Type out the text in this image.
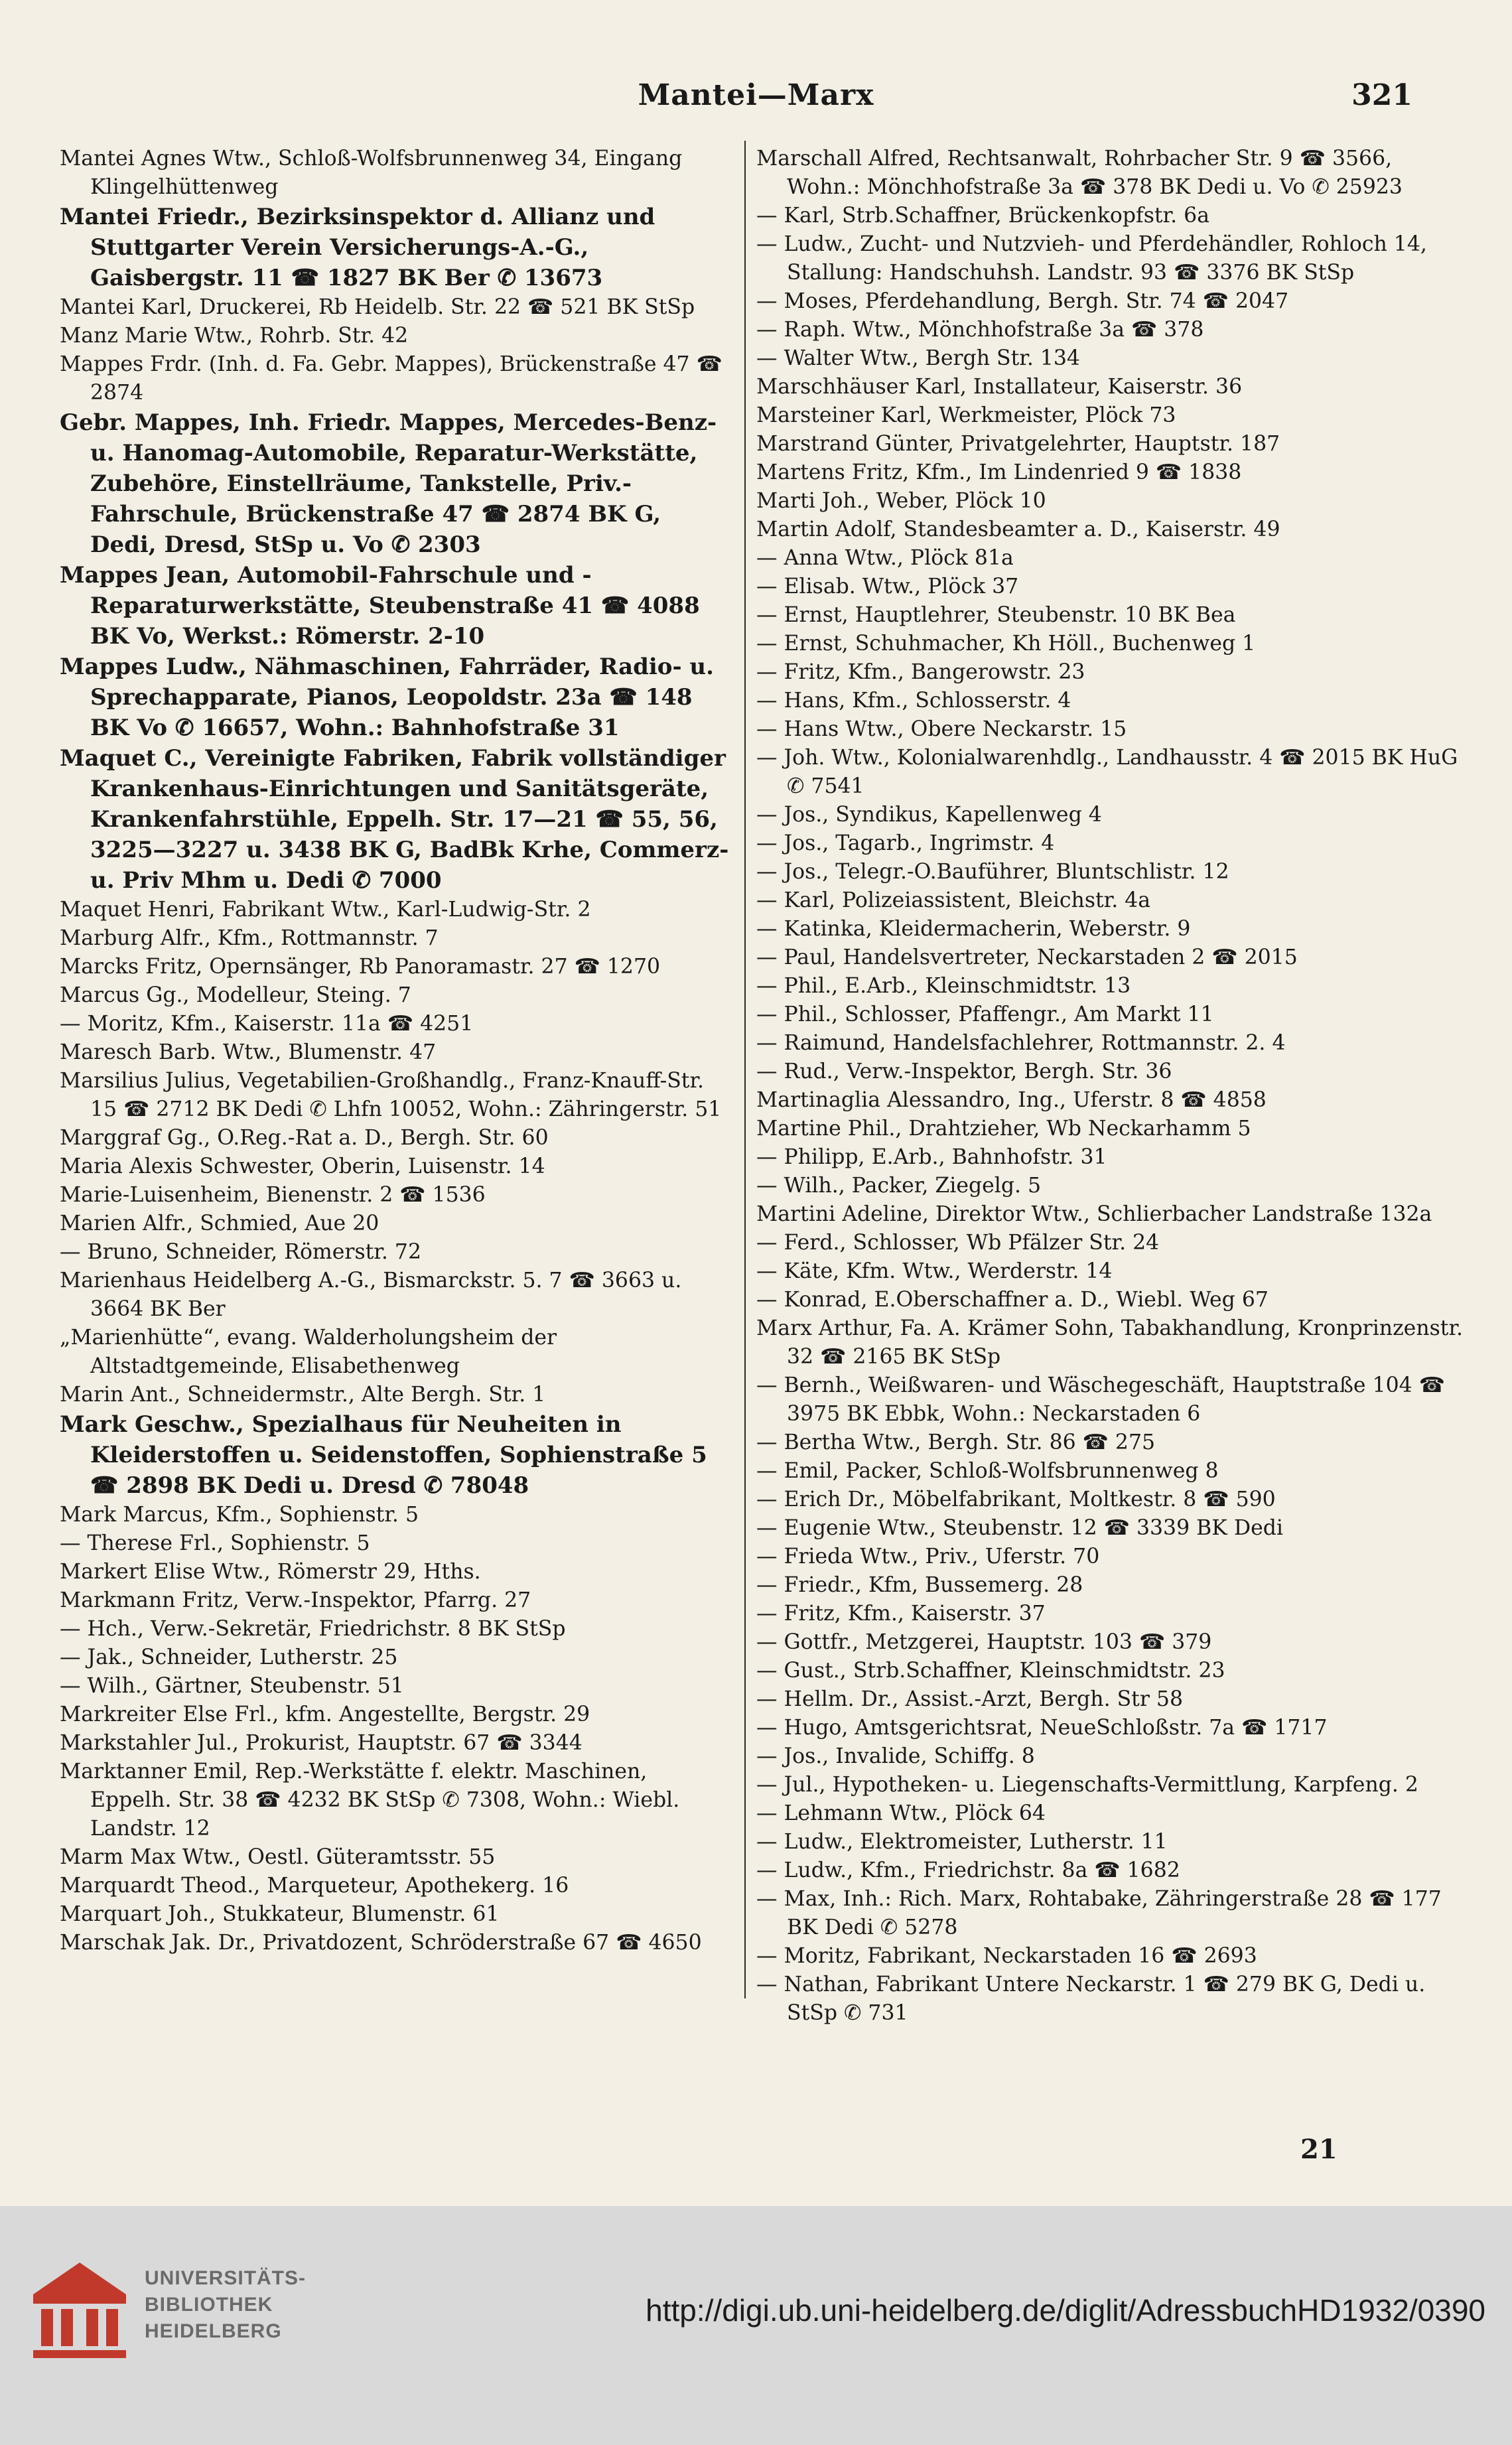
Mantei—Marx	321

Mantei Agnes Wtw., Schloß-Wolfsbrunnenweg 34, Eingang Klingelhüttenweg

Mantei Friedr., Bezirksinspektor d. Allianz und Stuttgarter Verein Versicherungs-A.-G., Gaisbergstr. 11 ☎ 1827 BK Ber ✆ 13673

Mantei Karl, Druckerei, Rb Heidelb. Str. 22 ☎ 521 BK StSp

Manz Marie Wtw., Rohrb. Str. 42

Mappes Frdr. (Inh. d. Fa. Gebr. Mappes), Brückenstraße 47 ☎ 2874

Gebr. Mappes, Inh. Friedr. Mappes, Mercedes-Benz- u. Hanomag-Automobile, Reparatur-Werkstätte, Zubehöre, Einstellräume, Tankstelle, Priv.-Fahrschule, Brückenstraße 47 ☎ 2874 BK G, Dedi, Dresd, StSp u. Vo ✆ 2303

Mappes Jean, Automobil-Fahrschule und -Reparaturwerkstätte, Steubenstraße 41 ☎ 4088 BK Vo, Werkst.: Römerstr. 2-10

Mappes Ludw., Nähmaschinen, Fahrräder, Radio- u. Sprechapparate, Pianos, Leopoldstr. 23a ☎ 148 BK Vo ✆ 16657, Wohn.: Bahnhofstraße 31

Maquet C., Vereinigte Fabriken, Fabrik vollständiger Krankenhaus-Einrichtungen und Sanitätsgeräte, Krankenfahrstühle, Eppelh. Str. 17—21 ☎ 55, 56, 3225—3227 u. 3438 BK G, BadBk Krhe, Commerz- u. Priv Mhm u. Dedi ✆ 7000

Maquet Henri, Fabrikant Wtw., Karl-Ludwig-Str. 2

Marburg Alfr., Kfm., Rottmannstr. 7

Marcks Fritz, Opernsänger, Rb Panoramastr. 27 ☎ 1270

Marcus Gg., Modelleur, Steing. 7

— Moritz, Kfm., Kaiserstr. 11a ☎ 4251

Maresch Barb. Wtw., Blumenstr. 47

Marsilius Julius, Vegetabilien-Großhandlg., Franz-Knauff-Str. 15 ☎ 2712 BK Dedi ✆ Lhfn 10052, Wohn.: Zähringerstr. 51

Marggraf Gg., O.Reg.-Rat a. D., Bergh. Str. 60

Maria Alexis Schwester, Oberin, Luisenstr. 14

Marie-Luisenheim, Bienenstr. 2 ☎ 1536

Marien Alfr., Schmied, Aue 20

— Bruno, Schneider, Römerstr. 72

Marienhaus Heidelberg A.-G., Bismarckstr. 5. 7 ☎ 3663 u. 3664 BK Ber

„Marienhütte“, evang. Walderholungsheim der Altstadtgemeinde, Elisabethenweg

Marin Ant., Schneidermstr., Alte Bergh. Str. 1

Mark Geschw., Spezialhaus für Neuheiten in Kleiderstoffen u. Seidenstoffen, Sophienstraße 5 ☎ 2898 BK Dedi u. Dresd ✆ 78048

Mark Marcus, Kfm., Sophienstr. 5

— Therese Frl., Sophienstr. 5

Markert Elise Wtw., Römerstr 29, Hths.

Markmann Fritz, Verw.-Inspektor, Pfarrg. 27

— Hch., Verw.-Sekretär, Friedrichstr. 8 BK StSp

— Jak., Schneider, Lutherstr. 25

— Wilh., Gärtner, Steubenstr. 51

Markreiter Else Frl., kfm. Angestellte, Bergstr. 29

Markstahler Jul., Prokurist, Hauptstr. 67 ☎ 3344

Marktanner Emil, Rep.-Werkstätte f. elektr. Maschinen, Eppelh. Str. 38 ☎ 4232 BK StSp ✆ 7308, Wohn.: Wiebl. Landstr. 12

Marm Max Wtw., Oestl. Güteramtsstr. 55

Marquardt Theod., Marqueteur, Apothekerg. 16

Marquart Joh., Stukkateur, Blumenstr. 61

Marschak Jak. Dr., Privatdozent, Schröderstraße 67 ☎ 4650

Marschall Alfred, Rechtsanwalt, Rohrbacher Str. 9 ☎ 3566, Wohn.: Mönchhofstraße 3a ☎ 378 BK Dedi u. Vo ✆ 25923

— Karl, Strb.Schaffner, Brückenkopfstr. 6a

— Ludw., Zucht- und Nutzvieh- und Pferdehändler, Rohloch 14, Stallung: Handschuhsh. Landstr. 93 ☎ 3376 BK StSp

— Moses, Pferdehandlung, Bergh. Str. 74 ☎ 2047

— Raph. Wtw., Mönchhofstraße 3a ☎ 378

— Walter Wtw., Bergh Str. 134

Marschhäuser Karl, Installateur, Kaiserstr. 36

Marsteiner Karl, Werkmeister, Plöck 73

Marstrand Günter, Privatgelehrter, Hauptstr. 187

Martens Fritz, Kfm., Im Lindenried 9 ☎ 1838

Marti Joh., Weber, Plöck 10

Martin Adolf, Standesbeamter a. D., Kaiserstr. 49

— Anna Wtw., Plöck 81a

— Elisab. Wtw., Plöck 37

— Ernst, Hauptlehrer, Steubenstr. 10 BK Bea

— Ernst, Schuhmacher, Kh Höll., Buchenweg 1

— Fritz, Kfm., Bangerowstr. 23

— Hans, Kfm., Schlosserstr. 4

— Hans Wtw., Obere Neckarstr. 15

— Joh. Wtw., Kolonialwarenhdlg., Landhausstr. 4 ☎ 2015 BK HuG ✆ 7541

— Jos., Syndikus, Kapellenweg 4

— Jos., Tagarb., Ingrimstr. 4

— Jos., Telegr.-O.Bauführer, Bluntschlistr. 12

— Karl, Polizeiassistent, Bleichstr. 4a

— Katinka, Kleidermacherin, Weberstr. 9

— Paul, Handelsvertreter, Neckarstaden 2 ☎ 2015

— Phil., E.Arb., Kleinschmidtstr. 13

— Phil., Schlosser, Pfaffengr., Am Markt 11

— Raimund, Handelsfachlehrer, Rottmannstr. 2. 4

— Rud., Verw.-Inspektor, Bergh. Str. 36

Martinaglia Alessandro, Ing., Uferstr. 8 ☎ 4858

Martine Phil., Drahtzieher, Wb Neckarhamm 5

— Philipp, E.Arb., Bahnhofstr. 31

— Wilh., Packer, Ziegelg. 5

Martini Adeline, Direktor Wtw., Schlierbacher Landstraße 132a

— Ferd., Schlosser, Wb Pfälzer Str. 24

— Käte, Kfm. Wtw., Werderstr. 14

— Konrad, E.Oberschaffner a. D., Wiebl. Weg 67

Marx Arthur, Fa. A. Krämer Sohn, Tabakhandlung, Kronprinzenstr. 32 ☎ 2165 BK StSp

— Bernh., Weißwaren- und Wäschegeschäft, Hauptstraße 104 ☎ 3975 BK Ebbk, Wohn.: Neckarstaden 6

— Bertha Wtw., Bergh. Str. 86 ☎ 275

— Emil, Packer, Schloß-Wolfsbrunnenweg 8

— Erich Dr., Möbelfabrikant, Moltkestr. 8 ☎ 590

— Eugenie Wtw., Steubenstr. 12 ☎ 3339 BK Dedi

— Frieda Wtw., Priv., Uferstr. 70

— Friedr., Kfm, Bussemerg. 28

— Fritz, Kfm., Kaiserstr. 37

— Gottfr., Metzgerei, Hauptstr. 103 ☎ 379

— Gust., Strb.Schaffner, Kleinschmidtstr. 23

— Hellm. Dr., Assist.-Arzt, Bergh. Str 58

— Hugo, Amtsgerichtsrat, NeueSchloßstr. 7a ☎ 1717

— Jos., Invalide, Schiffg. 8

— Jul., Hypotheken- u. Liegenschafts-Vermittlung, Karpfeng. 2

— Lehmann Wtw., Plöck 64

— Ludw., Elektromeister, Lutherstr. 11

— Ludw., Kfm., Friedrichstr. 8a ☎ 1682

— Max, Inh.: Rich. Marx, Rohtabake, Zähringerstraße 28 ☎ 177 BK Dedi ✆ 5278

— Moritz, Fabrikant, Neckarstaden 16 ☎ 2693

— Nathan, Fabrikant Untere Neckarstr. 1 ☎ 279 BK G, Dedi u. StSp ✆ 731

21
UNIVERSITÄTS-
BIBLIOTHEK
HEIDELBERG
http://digi.ub.uni-heidelberg.de/diglit/AdressbuchHD1932/0390
